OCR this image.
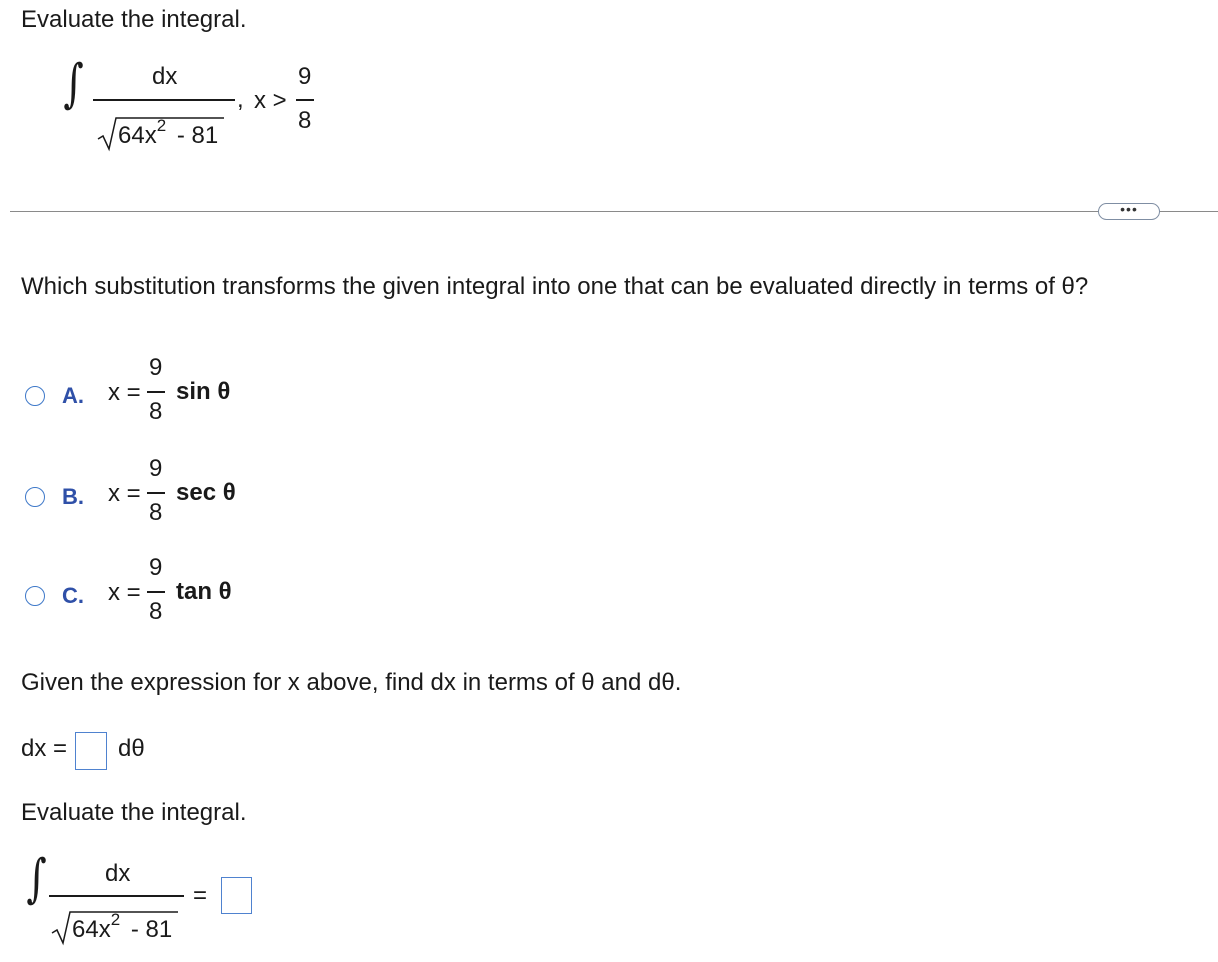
Evaluate the integral.
∫	dx
,
$64x^2 - 81$
x >
9
8
•••
Which substitution transforms the given integral into one that can be evaluated directly in terms of θ?
A. x =
9
8
sin θ
B. x =
9
8
sec θ
C. x =
9
8
tan θ
Given the expression for x above, find dx in terms of θ and dθ.
dx = dθ
Evaluate the integral.
∫ dx
$64x^2 - 81$
=
